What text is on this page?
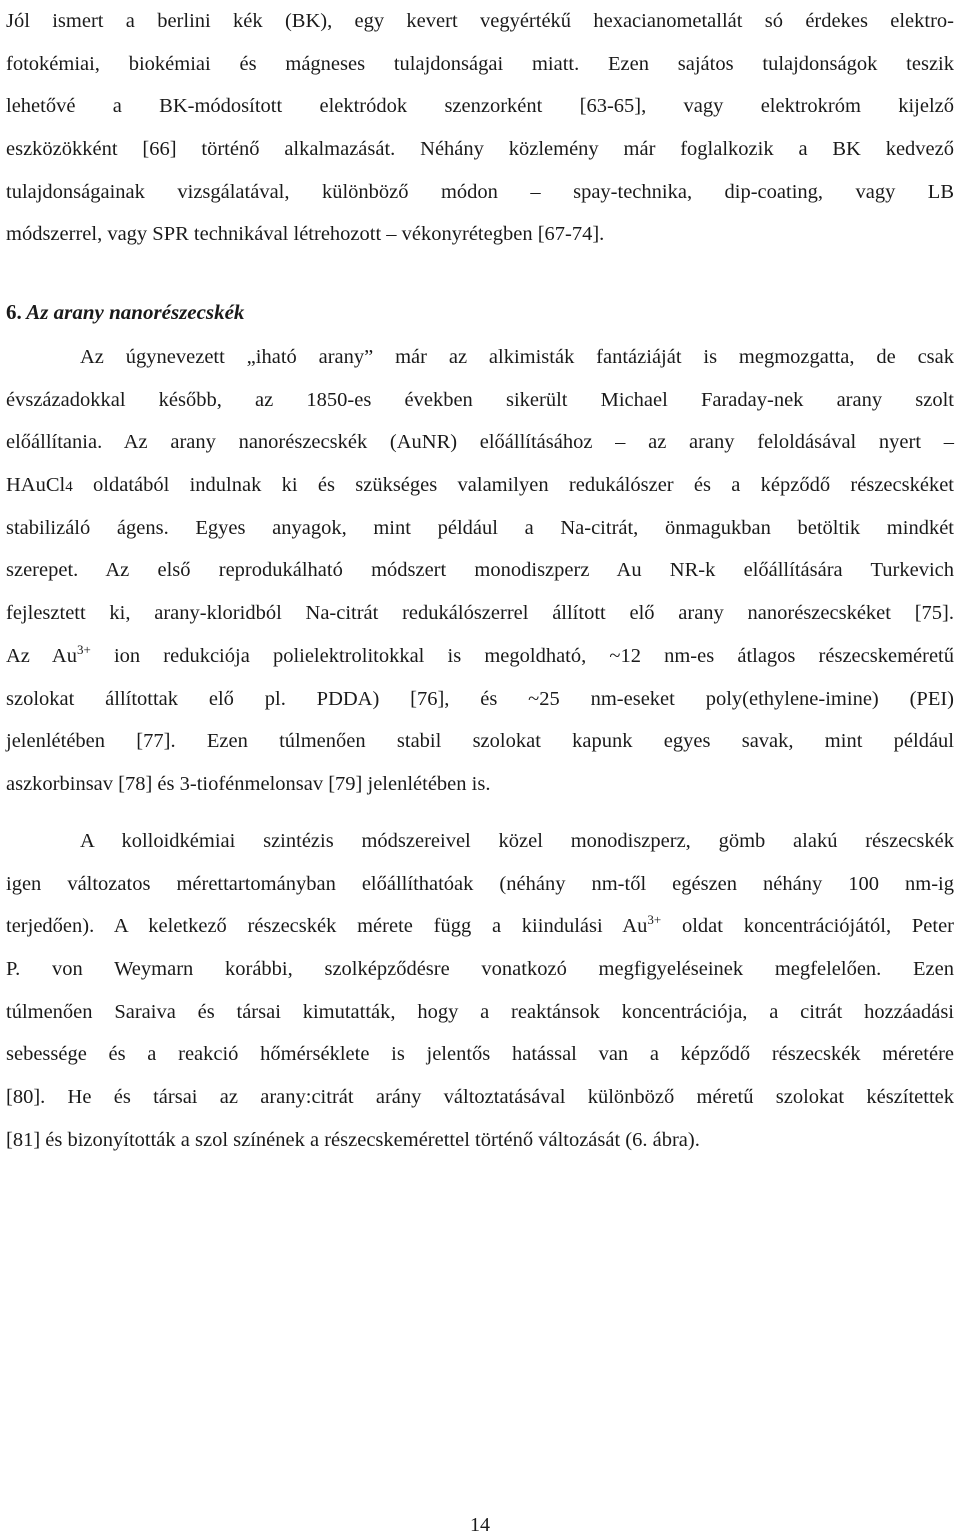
Jól ismert a berlini kék (BK), egy kevert vegyértékű hexacianometallát só érdekes elektro-
fotokémiai, biokémiai és mágneses tulajdonságai miatt. Ezen sajátos tulajdonságok teszik
lehetővé a BK-módosított elektródok szenzorként [63-65], vagy elektrokróm kijelző
eszközökként [66] történő alkalmazását. Néhány közlemény már foglalkozik a BK kedvező
tulajdonságainak vizsgálatával, különböző módon – spay-technika, dip-coating, vagy LB
módszerrel, vagy SPR technikával létrehozott – vékonyrétegben [67-74].
6. Az arany nanorészecskék
Az úgynevezett „iható arany” már az alkimisták fantáziáját is megmozgatta, de csak
évszázadokkal később, az 1850-es években sikerült Michael Faraday-nek arany szolt
előállítania. Az arany nanorészecskék (AuNR) előállításához – az arany feloldásával nyert –
HAuCl4 oldatából indulnak ki és szükséges valamilyen redukálószer és a képződő részecskéket
stabilizáló ágens. Egyes anyagok, mint például a Na-citrát, önmagukban betöltik mindkét
szerepet. Az első reprodukálható módszert monodiszperz Au NR-k előállítására Turkevich
fejlesztett ki, arany-kloridból Na-citrát redukálószerrel állított elő arany nanorészecskéket [75].
Az $Au^{3+}$ ion redukciója polielektrolitokkal is megoldható, ~12 nm-es átlagos részecskeméretű
szolokat állítottak elő pl. PDDA) [76], és ~25 nm-eseket poly(ethylene-imine) (PEI)
jelenlétében [77]. Ezen túlmenően stabil szolokat kapunk egyes savak, mint például
aszkorbinsav [78] és 3-tiofénmelonsav [79] jelenlétében is.
A kolloidkémiai szintézis módszereivel közel monodiszperz, gömb alakú részecskék
igen változatos mérettartományban előállíthatóak (néhány nm-től egészen néhány 100 nm-ig
terjedően). A keletkező részecskék mérete függ a kiindulási $Au^{3+}$ oldat koncentrációjától, Peter
P. von Weymarn korábbi, szolképződésre vonatkozó megfigyeléseinek megfelelően. Ezen
túlmenően Saraiva és társai kimutatták, hogy a reaktánsok koncentrációja, a citrát hozzáadási
sebessége és a reakció hőmérséklete is jelentős hatással van a képződő részecskék méretére
[80]. He és társai az arany:citrát arány változtatásával különböző méretű szolokat készítettek
[81] és bizonyították a szol színének a részecskemérettel történő változását (6. ábra).
14
